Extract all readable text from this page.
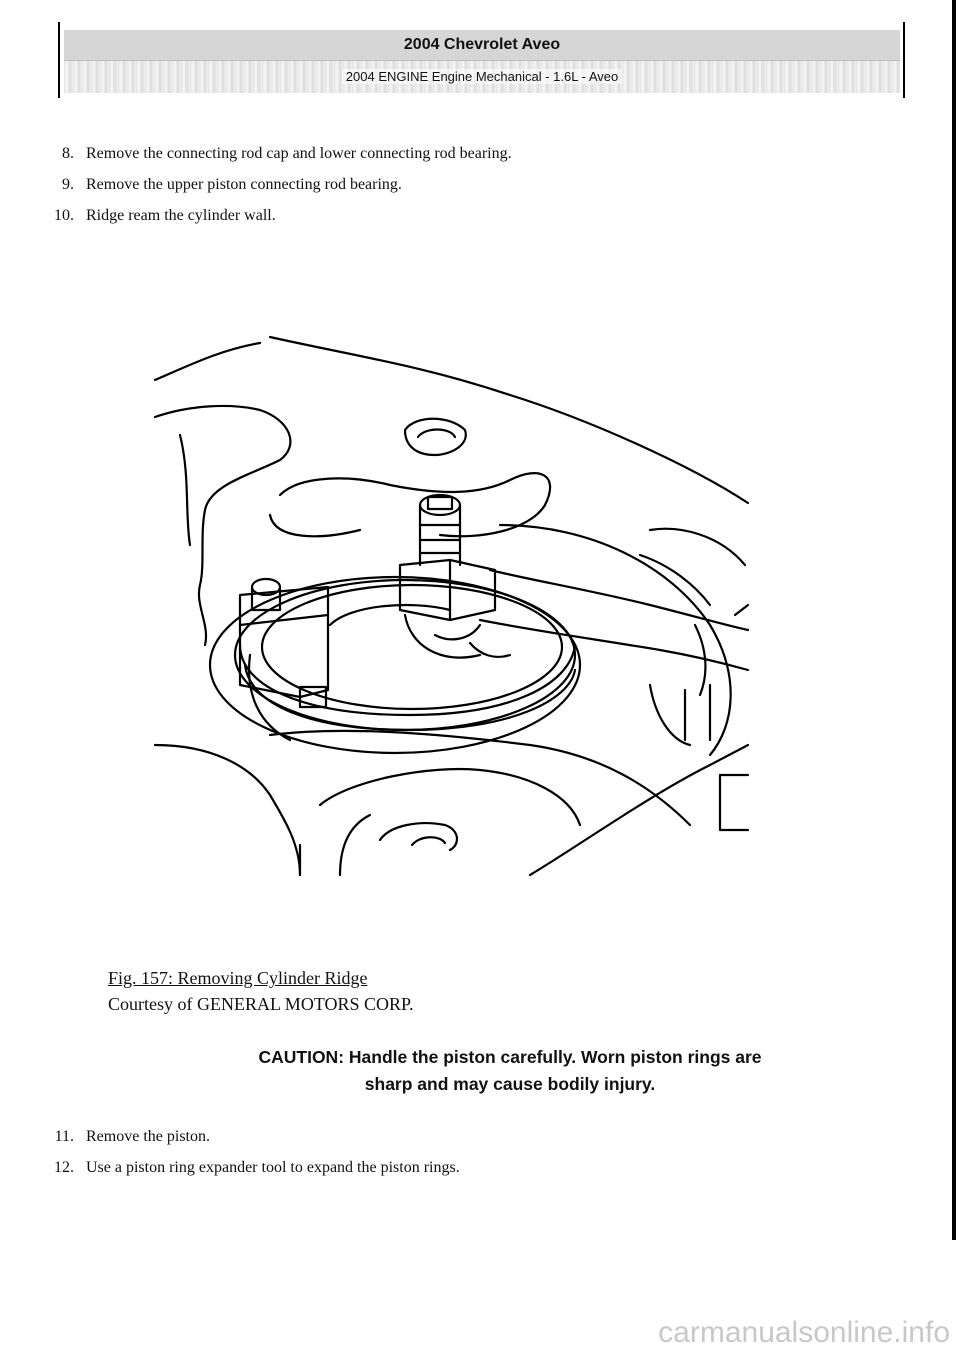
2004 Chevrolet Aveo
2004 ENGINE Engine Mechanical - 1.6L - Aveo
8. Remove the connecting rod cap and lower connecting rod bearing.
9. Remove the upper piston connecting rod bearing.
10. Ridge ream the cylinder wall.
Fig. 157: Removing Cylinder Ridge
Courtesy of GENERAL MOTORS CORP.
CAUTION: Handle the piston carefully. Worn piston rings are
sharp and may cause bodily injury.
11. Remove the piston.
12. Use a piston ring expander tool to expand the piston rings.
carmanualsonline.info
